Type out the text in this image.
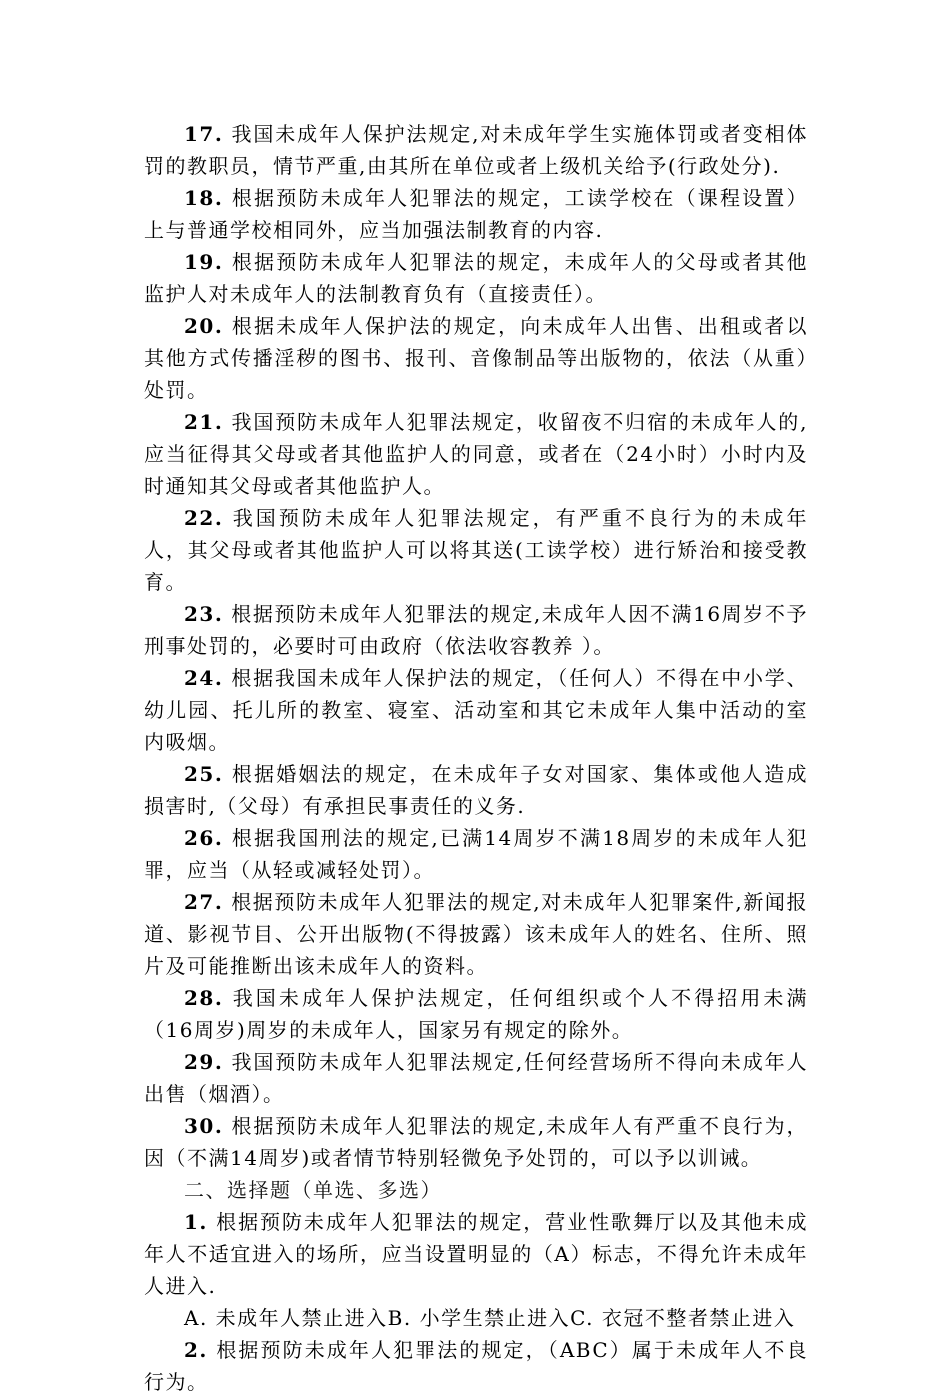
17. 我国未成年人保护法规定,对未成年学生实施体罚或者变相体罚的教职员，情节严重,由其所在单位或者上级机关给予(行政处分).

18. 根据预防未成年人犯罪法的规定，工读学校在（课程设置）上与普通学校相同外，应当加强法制教育的内容.

19. 根据预防未成年人犯罪法的规定，未成年人的父母或者其他监护人对未成年人的法制教育负有（直接责任）。

20. 根据未成年人保护法的规定，向未成年人出售、出租或者以其他方式传播淫秽的图书、报刊、音像制品等出版物的，依法（从重）处罚。

21. 我国预防未成年人犯罪法规定，收留夜不归宿的未成年人的,应当征得其父母或者其他监护人的同意，或者在（24小时）小时内及时通知其父母或者其他监护人。

22. 我国预防未成年人犯罪法规定，有严重不良行为的未成年人，其父母或者其他监护人可以将其送(工读学校）进行矫治和接受教育。

23. 根据预防未成年人犯罪法的规定,未成年人因不满16周岁不予刑事处罚的，必要时可由政府（依法收容教养 ）。

24. 根据我国未成年人保护法的规定，（任何人）不得在中小学、幼儿园、托儿所的教室、寝室、活动室和其它未成年人集中活动的室内吸烟。

25. 根据婚姻法的规定，在未成年子女对国家、集体或他人造成损害时,（父母）有承担民事责任的义务.

26. 根据我国刑法的规定,已满14周岁不满18周岁的未成年人犯罪，应当（从轻或减轻处罚）。

27. 根据预防未成年人犯罪法的规定,对未成年人犯罪案件,新闻报道、影视节目、公开出版物(不得披露）该未成年人的姓名、住所、照片及可能推断出该未成年人的资料。

28. 我国未成年人保护法规定，任何组织或个人不得招用未满（16周岁)周岁的未成年人，国家另有规定的除外。

29. 我国预防未成年人犯罪法规定,任何经营场所不得向未成年人出售（烟酒）。

30. 根据预防未成年人犯罪法的规定,未成年人有严重不良行为，因（不满14周岁)或者情节特别轻微免予处罚的，可以予以训诫。

二、选择题（单选、多选）

1. 根据预防未成年人犯罪法的规定，营业性歌舞厅以及其他未成年人不适宜进入的场所，应当设置明显的（A）标志，不得允许未成年人进入.

A. 未成年人禁止进入B. 小学生禁止进入C. 衣冠不整者禁止进入

2. 根据预防未成年人犯罪法的规定，（ABC）属于未成年人不良行为。
